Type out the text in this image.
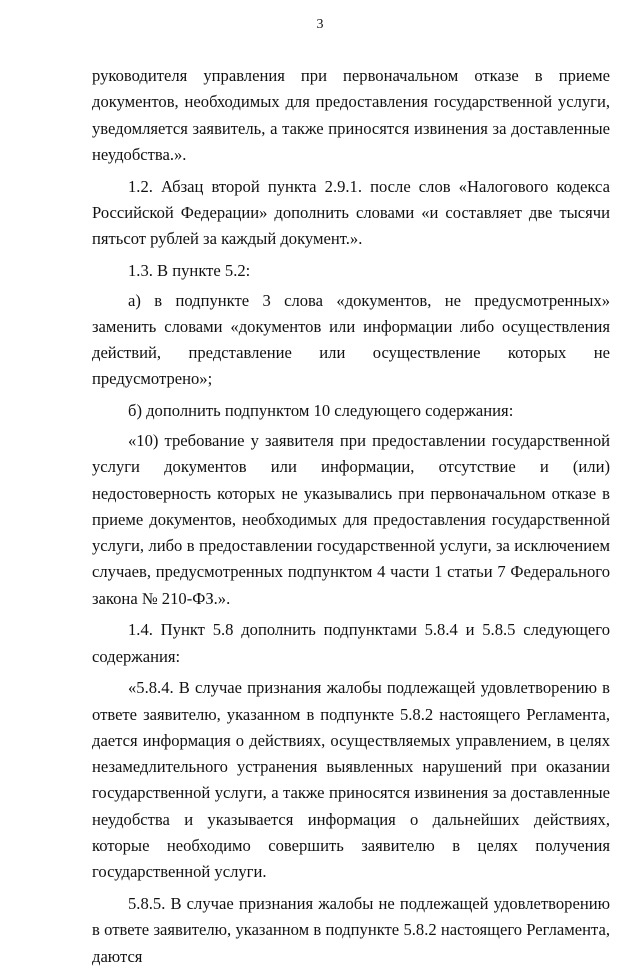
3

руководителя управления при первоначальном отказе в приеме документов, необходимых для предоставления государственной услуги, уведомляется заявитель, а также приносятся извинения за доставленные неудобства.».

1.2. Абзац второй пункта 2.9.1. после слов «Налогового кодекса Российской Федерации» дополнить словами «и составляет две тысячи пятьсот рублей за каждый документ.».

1.3. В пункте 5.2:

а) в подпункте 3 слова «документов, не предусмотренных» заменить словами «документов или информации либо осуществления действий, представление или осуществление которых не предусмотрено»;

б) дополнить подпунктом 10 следующего содержания:

«10) требование у заявителя при предоставлении государственной услуги документов или информации, отсутствие и (или) недостоверность которых не указывались при первоначальном отказе в приеме документов, необходимых для предоставления государственной услуги, либо в предоставлении государственной услуги, за исключением случаев, предусмотренных подпунктом 4 части 1 статьи 7 Федерального закона № 210-ФЗ.».

1.4. Пункт 5.8 дополнить подпунктами 5.8.4 и 5.8.5 следующего содержания:

«5.8.4. В случае признания жалобы подлежащей удовлетворению в ответе заявителю, указанном в подпункте 5.8.2 настоящего Регламента, дается информация о действиях, осуществляемых управлением, в целях незамедлительного устранения выявленных нарушений при оказании государственной услуги, а также приносятся извинения за доставленные неудобства и указывается информация о дальнейших действиях, которые необходимо совершить заявителю в целях получения государственной услуги.

5.8.5. В случае признания жалобы не подлежащей удовлетворению в ответе заявителю, указанном в подпункте 5.8.2 настоящего Регламента, даются
